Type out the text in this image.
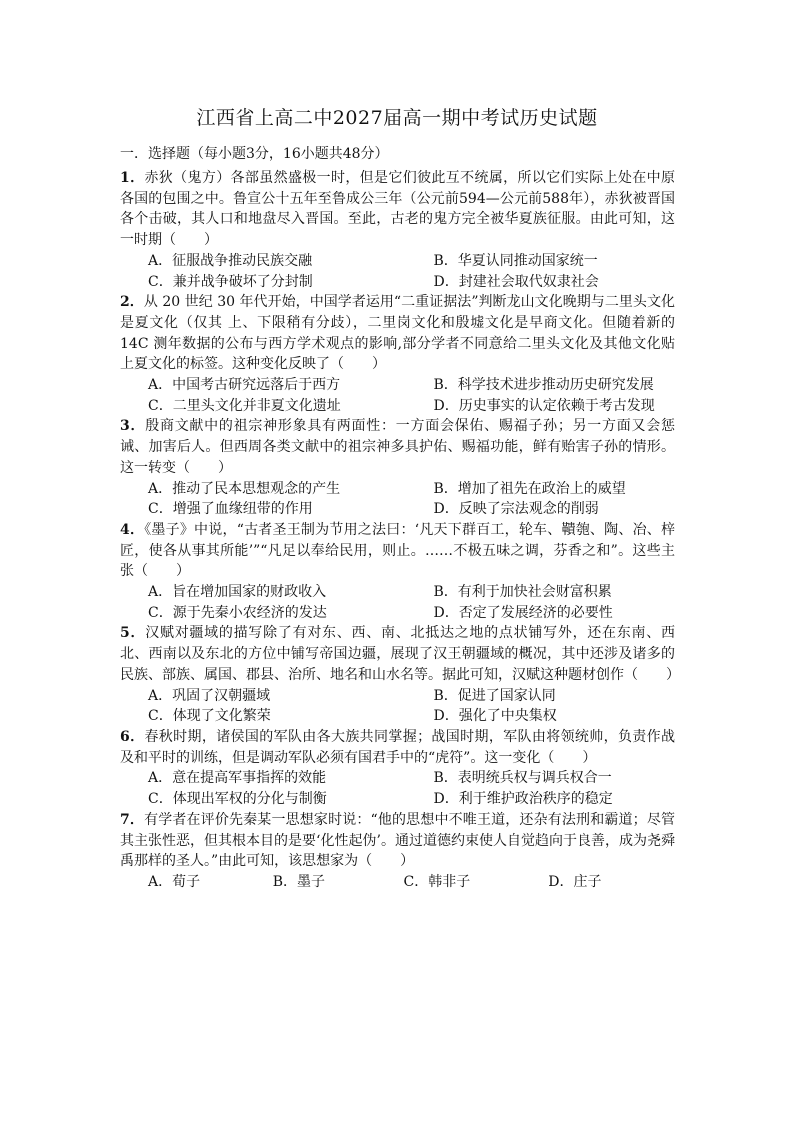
江西省上高二中2027届高一期中考试历史试题
一．选择题（每小题3分，16小题共48分）
1．赤狄（鬼方）各部虽然盛极一时，但是它们彼此互不统属，所以它们实际上处在中原各国的包围之中。鲁宣公十五年至鲁成公三年（公元前594—公元前588年），赤狄被晋国各个击破，其人口和地盘尽入晋国。至此，古老的鬼方完全被华夏族征服。由此可知，这一时期（　　）
A．征服战争推动民族交融	B．华夏认同推动国家统一
C．兼并战争破坏了分封制	D．封建社会取代奴隶社会
2．从 20 世纪 30 年代开始，中国学者运用“二重证据法”判断龙山文化晚期与二里头文化是夏文化（仅其 上、下限稍有分歧），二里岗文化和殷墟文化是早商文化。但随着新的14C 测年数据的公布与西方学术观点的影响,部分学者不同意给二里头文化及其他文化贴上夏文化的标签。这种变化反映了（　　）
A．中国考古研究远落后于西方	B．科学技术进步推动历史研究发展
C．二里头文化并非夏文化遗址	D．历史事实的认定依赖于考古发现
3．殷商文献中的祖宗神形象具有两面性：一方面会保佑、赐福子孙；另一方面又会惩诫、加害后人。但西周各类文献中的祖宗神多具护佑、赐福功能，鲜有贻害子孙的情形。这一转变（　　）
A．推动了民本思想观念的产生	B．增加了祖先在政治上的威望
C．增强了血缘纽带的作用	D．反映了宗法观念的削弱
4．《墨子》中说，“古者圣王制为节用之法曰：‘凡天下群百工，轮车、鞼匏、陶、冶、梓匠，使各从事其所能’”“凡足以奉给民用，则止。……不极五味之调，芬香之和”。这些主张（　　）
A．旨在增加国家的财政收入	B．有利于加快社会财富积累
C．源于先秦小农经济的发达	D．否定了发展经济的必要性
5．汉赋对疆域的描写除了有对东、西、南、北抵达之地的点状铺写外，还在东南、西北、西南以及东北的方位中铺写帝国边疆，展现了汉王朝疆域的概况，其中还涉及诸多的民族、部族、属国、郡县、治所、地名和山水名等。据此可知，汉赋这种题材创作（　　）
A．巩固了汉朝疆域	B．促进了国家认同
C．体现了文化繁荣	D．强化了中央集权
6．春秋时期，诸侯国的军队由各大族共同掌握；战国时期，军队由将领统帅，负责作战及和平时的训练，但是调动军队必须有国君手中的“虎符”。这一变化（　　）
A．意在提高军事指挥的效能	B．表明统兵权与调兵权合一
C．体现出军权的分化与制衡	D．利于维护政治秩序的稳定
7．有学者在评价先秦某一思想家时说：“他的思想中不唯王道，还杂有法刑和霸道；尽管其主张性恶，但其根本目的是要‘化性起伪’。通过道德约束使人自觉趋向于良善，成为尧舜禹那样的圣人。”由此可知，该思想家为（　　）
A．荀子	B．墨子	C．韩非子	D．庄子
